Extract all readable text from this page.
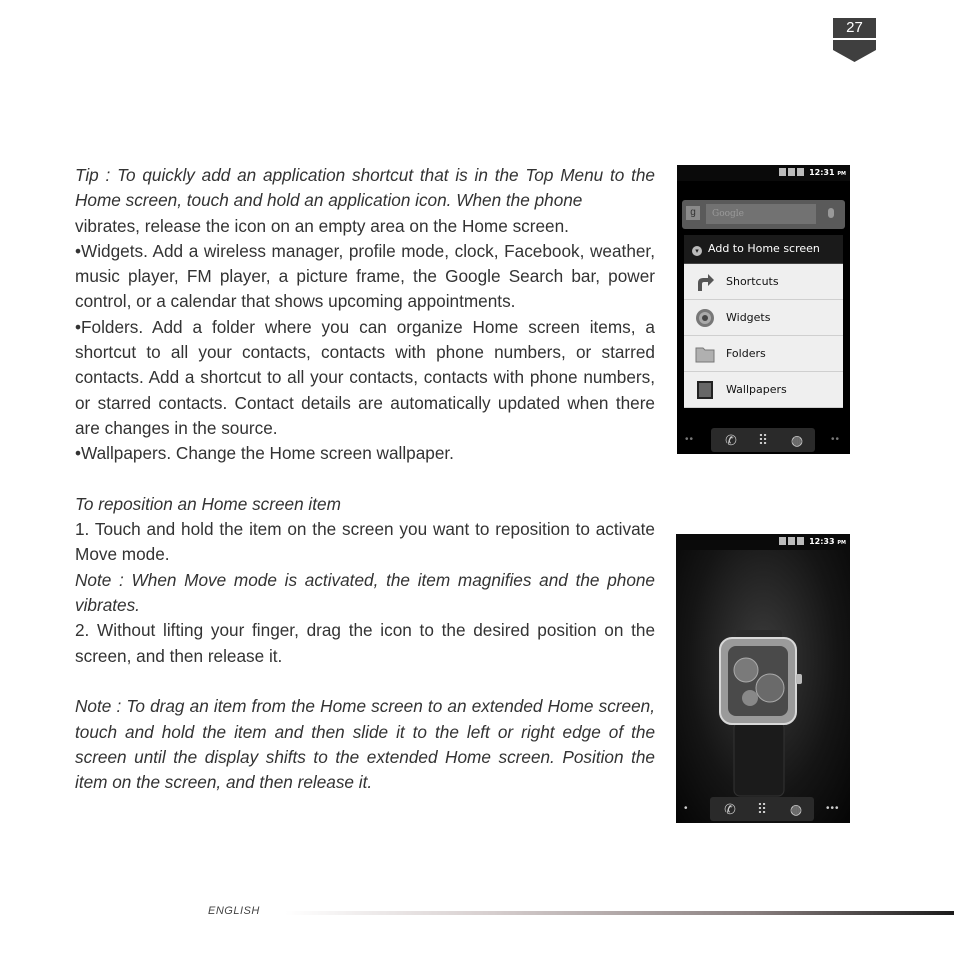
27

Tip : To quickly add an application shortcut that is in the Top Menu to the Home screen, touch and hold an application icon. When the phone

vibrates, release the icon on an empty area on the Home screen.

•Widgets. Add a wireless manager, profile mode, clock, Facebook, weather, music player, FM player, a picture frame, the Google Search bar, power control, or a calendar that shows upcoming appointments.

•Folders. Add a folder where you can organize Home screen items, a shortcut to all your contacts, contacts with phone numbers, or starred contacts. Add a shortcut to all your contacts, contacts with phone numbers, or starred contacts. Contact details are automatically updated when there are changes in the source.

•Wallpapers. Change the Home screen wallpaper.

To reposition an Home screen item

1. Touch and hold the item on the screen you want to reposition to activate Move mode.

Note : When Move mode is activated, the item magnifies and the phone vibrates.

2. Without lifting your finger, drag the icon to the desired position on the screen, and then release it.

Note : To drag an item from the Home screen to an extended Home screen, touch and hold the item and then slide it to the left or right edge of the screen until the display shifts to the extended Home screen. Position the item on the screen, and then release it.

12:31 PM
g	Google
▾ Add to Home screen
Shortcuts
Widgets
Folders
Wallpapers
•• ✆ ⠿ ◍	••
12:33 PM
•	✆ ⠿ ◍ •••
ENGLISH
